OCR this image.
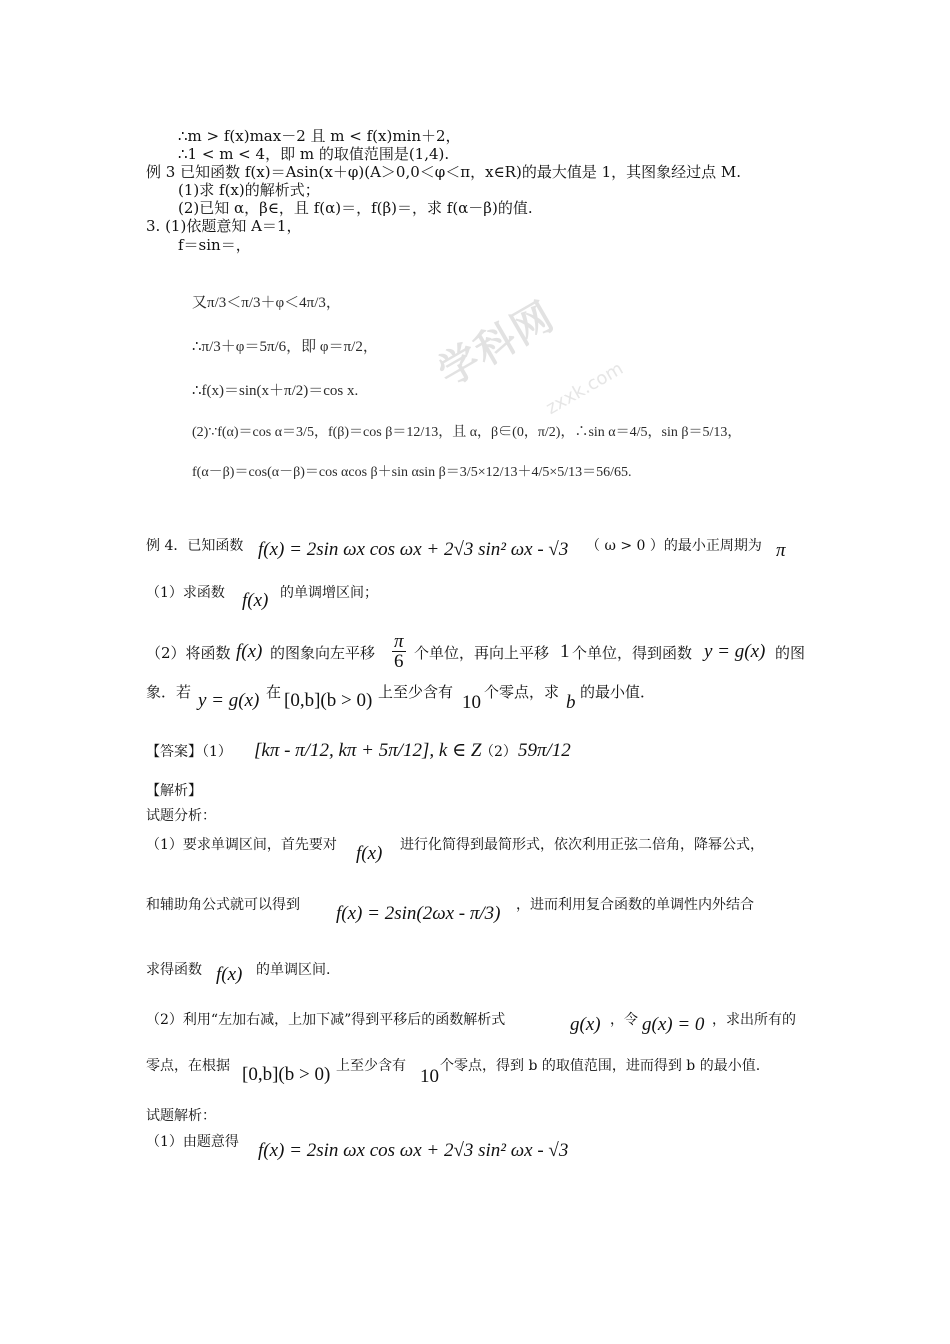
∴m > f(x)max－2 且 m < f(x)min＋2，
∴1 < m < 4，即 m 的取值范围是(1,4).
例 3 已知函数 f(x)＝Asin(x＋φ)(A＞0,0＜φ＜π，x∈R)的最大值是 1，其图象经过点 M.
(1)求 f(x)的解析式；
(2)已知 α，β∈，且 f(α)＝，f(β)＝，求 f(α－β)的值.
3. (1)依题意知 A＝1，
f＝sin＝，
学科网
zxxk.com
又π/3＜π/3＋φ＜4π/3，
∴π/3＋φ＝5π/6，即 φ＝π/2，
∴f(x)＝sin(x＋π/2)＝cos x.
(2)∵f(α)＝cos α＝3/5，f(β)＝cos β＝12/13，且 α，β∈(0，π/2)，∴sin α＝4/5，sin β＝5/13，
f(α－β)＝cos(α－β)＝cos αcos β＋sin αsin β＝3/5×12/13＋4/5×5/13＝56/65.
例 4．已知函数 f(x) = 2sin ωx cos ωx + 2√3 sin² ωx - √3 （ ω > 0 ）的最小正周期为 π
（1）求函数 f(x) 的单调增区间；
（2）将函数 f(x) 的图象向左平移 $\frac{\pi}{6}$ 个单位，再向上平移 1 个单位，得到函数 y = g(x) 的图
象．若 y = g(x) 在 [0,b](b > 0) 上至少含有 10 个零点，求 b 的最小值．
【答案】（1） [kπ - π/12, kπ + 5π/12], k ∈ Z
（2） 59π/12
【解析】
试题分析：
（1）要求单调区间，首先要对 f(x) 进行化简得到最简形式，依次利用正弦二倍角，降幂公式，
和辅助角公式就可以得到 f(x) = 2sin(2ωx - π/3) ，进而利用复合函数的单调性内外结合
求得函数 f(x) 的单调区间.
（2）利用“左加右减，上加下减”得到平移后的函数解析式	g(x) ，令 g(x) = 0 ，求出所有的
零点，在根据 [0,b](b > 0) 上至少含有 10 个零点，得到 b 的取值范围，进而得到 b 的最小值.
试题解析：
（1）由题意得 f(x) = 2sin ωx cos ωx + 2√3 sin² ωx - √3
